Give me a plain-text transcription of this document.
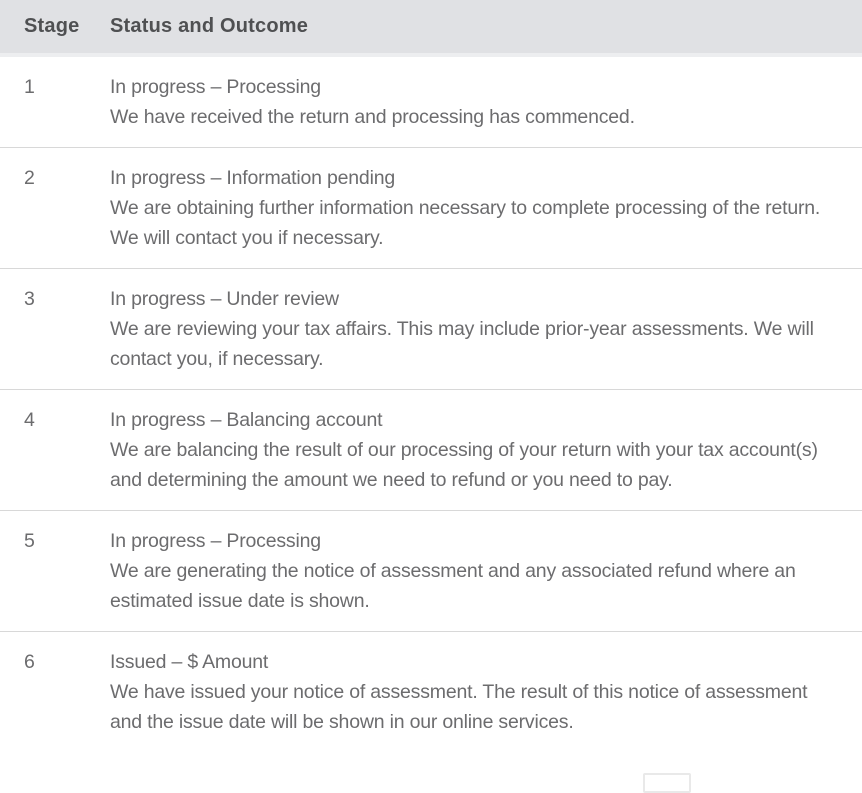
Stage	Status and Outcome
1	In progress – Processing
We have received the return and processing has commenced.
2	In progress – Information pending
We are obtaining further information necessary to complete processing of the return. We will contact you if necessary.
3	In progress – Under review
We are reviewing your tax affairs. This may include prior-year assessments. We will contact you, if necessary.
4	In progress – Balancing account
We are balancing the result of our processing of your return with your tax account(s) and determining the amount we need to refund or you need to pay.
5	In progress – Processing
We are generating the notice of assessment and any associated refund where an estimated issue date is shown.
6	Issued – $ Amount
We have issued your notice of assessment. The result of this notice of assessment and the issue date will be shown in our online services.
